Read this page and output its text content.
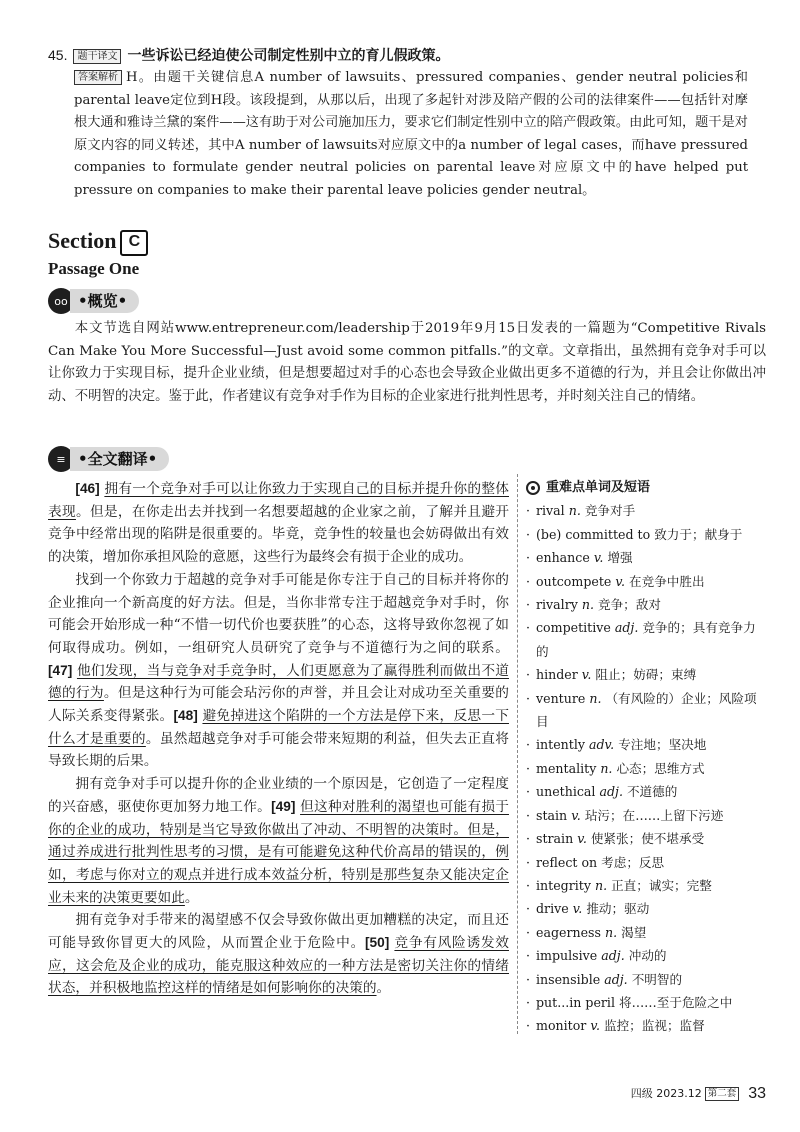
45. 题干译文 一些诉讼已经迫使公司制定性别中立的育儿假政策。
答案解析 H。由题干关键信息A number of lawsuits、pressured companies、gender neutral policies和parental leave定位到H段。该段提到，从那以后，出现了多起针对涉及陪产假的公司的法律案件——包括针对摩根大通和雅诗兰黛的案件——这有助于对公司施加压力，要求它们制定性别中立的陪产假政策。由此可知，题干是对原文内容的同义转述，其中A number of lawsuits对应原文中的a number of legal cases，而have pressured companies to formulate gender neutral policies on parental leave对应原文中的have helped put pressure on companies to make their parental leave policies gender neutral。
Section C
Passage One
oo •概览•
本文节选自网站www.entrepreneur.com/leadership于2019年9月15日发表的一篇题为“Competitive Rivals Can Make You More Successful—Just avoid some common pitfalls.”的文章。文章指出，虽然拥有竞争对手可以让你致力于实现目标，提升企业业绩，但是想要超过对手的心态也会导致企业做出更多不道德的行为，并且会让你做出冲动、不明智的决定。鉴于此，作者建议有竞争对手作为目标的企业家进行批判性思考，并时刻关注自己的情绪。
≡ •全文翻译•

[46] 拥有一个竞争对手可以让你致力于实现自己的目标并提升你的整体表现。但是，在你走出去并找到一名想要超越的企业家之前，了解并且避开竞争中经常出现的陷阱是很重要的。毕竟，竞争性的较量也会妨碍做出有效的决策，增加你承担风险的意愿，这些行为最终会有损于企业的成功。

找到一个你致力于超越的竞争对手可能是你专注于自己的目标并将你的企业推向一个新高度的好方法。但是，当你非常专注于超越竞争对手时，你可能会开始形成一种“不惜一切代价也要获胜”的心态，这将导致你忽视了如何取得成功。例如，一组研究人员研究了竞争与不道德行为之间的联系。[47] 他们发现，当与竞争对手竞争时，人们更愿意为了赢得胜利而做出不道德的行为。但是这种行为可能会玷污你的声誉，并且会让对成功至关重要的人际关系变得紧张。[48] 避免掉进这个陷阱的一个方法是停下来，反思一下什么才是重要的。虽然超越竞争对手可能会带来短期的利益，但失去正直将导致长期的后果。

拥有竞争对手可以提升你的企业业绩的一个原因是，它创造了一定程度的兴奋感，驱使你更加努力地工作。[49] 但这种对胜利的渴望也可能有损于你的企业的成功，特别是当它导致你做出了冲动、不明智的决策时。但是，通过养成进行批判性思考的习惯，是有可能避免这种代价高昂的错误的，例如，考虑与你对立的观点并进行成本效益分析，特别是那些复杂又能决定企业未来的决策更要如此。

拥有竞争对手带来的渴望感不仅会导致你做出更加糟糕的决定，而且还可能导致你冒更大的风险，从而置企业于危险中。[50] 竞争有风险诱发效应，这会危及企业的成功，能克服这种效应的一种方法是密切关注你的情绪状态，并积极地监控这样的情绪是如何影响你的决策的。

重难点单词及短语
· rival n. 竞争对手
· (be) committed to 致力于；献身于
· enhance v. 增强
· outcompete v. 在竞争中胜出
· rivalry n. 竞争；敌对
· competitive adj. 竞争的；具有竞争力的
· hinder v. 阻止；妨碍；束缚
· venture n. （有风险的）企业；风险项目
· intently adv. 专注地；坚决地
· mentality n. 心态；思维方式
· unethical adj. 不道德的
· stain v. 玷污；在……上留下污迹
· strain v. 使紧张；使不堪承受
· reflect on 考虑；反思
· integrity n. 正直；诚实；完整
· drive v. 推动；驱动
· eagerness n. 渴望
· impulsive adj. 冲动的
· insensible adj. 不明智的
· put...in peril 将……至于危险之中
· monitor v. 监控；监视；监督
四级 2023.12 第二套 33
